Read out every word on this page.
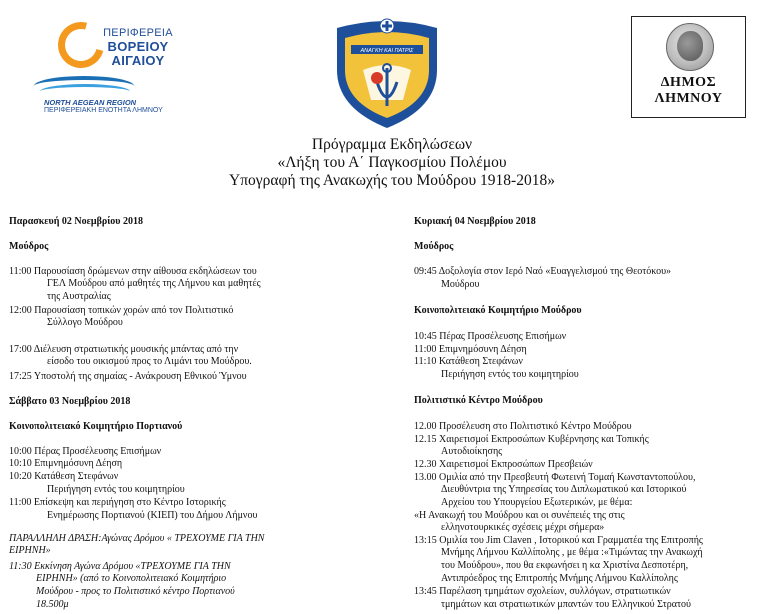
ΠΕΡΙΦΕΡΕΙΑ
ΒΟΡΕΙΟΥ
ΑΙΓΑΙΟΥ
NORTH AEGEAN REGION
ΠΕΡΙΦΕΡΕΙΑΚΗ ΕΝΟΤΗΤΑ ΛΗΜΝΟΥ
ΑΝΑΓΚΗ ΚΑΙ ΠΑΤΡΙΣ
ΔΗΜΟΣ
ΛΗΜΝΟΥ
Πρόγραμμα Εκδηλώσεων
«Λήξη του Α΄ Παγκοσμίου Πολέμου
Υπογραφή της Ανακωχής του Μούδρου 1918-2018»

Παρασκευή 02 Νοεμβρίου 2018

Μούδρος

11:00 Παρουσίαση δρώμενων στην αίθουσα εκδηλώσεων του

ΓΕΛ Μούδρου από μαθητές της Λήμνου και μαθητές

της Αυστραλίας

12:00 Παρουσίαση τοπικών χορών από τον Πολιτιστικό

Σύλλογο Μούδρου

17:00 Διέλευση στρατιωτικής μουσικής μπάντας από την

είσοδο του οικισμού προς το Λιμάνι του Μούδρου.

17:25 Υποστολή της σημαίας - Ανάκρουση Εθνικού Ύμνου

Σάββατο 03 Νοεμβρίου 2018

Κοινοπολιτειακό Κοιμητήριο Πορτιανού

10:00 Πέρας Προσέλευσης Επισήμων

10:10 Επιμνημόσυνη Δέηση

10:20 Κατάθεση Στεφάνων

Περιήγηση εντός του κοιμητηρίου

11:00 Επίσκεψη και περιήγηση στο Κέντρο Ιστορικής

Ενημέρωσης Πορτιανού (ΚΙΕΠ) του Δήμου Λήμνου

ΠΑΡΑΛΛΗΛΗ ΔΡΑΣΗ:Αγώνας Δρόμου « ΤΡΕΧΟΥΜΕ ΓΙΑ ΤΗΝ

ΕΙΡΗΝΗ»

11:30 Εκκίνηση Αγώνα Δρόμου «ΤΡΕΧΟΥΜΕ ΓΙΑ ΤΗΝ

ΕΙΡΗΝΗ» (από το Κοινοπολιτειακό Κοιμητήριο

Μούδρου - προς το Πολιτιστικό κέντρο Πορτιανού

18.500μ

Κυριακή 04 Νοεμβρίου 2018

Μούδρος

09:45 Δοξολογία στον Ιερό Ναό «Ευαγγελισμού της Θεοτόκου»

Μούδρου

Κοινοπολιτειακό Κοιμητήριο Μούδρου

10:45 Πέρας Προσέλευσης Επισήμων

11:00 Επιμνημόσυνη Δέηση

11:10 Κατάθεση Στεφάνων

Περιήγηση εντός του κοιμητηρίου

Πολιτιστικό Κέντρο Μούδρου

12.00 Προσέλευση στο Πολιτιστικό Κέντρο Μούδρου

12.15 Χαιρετισμοί Εκπροσώπων Κυβέρνησης και Τοπικής

Αυτοδιοίκησης

12.30 Χαιρετισμοί Εκπροσώπων Πρεσβειών

13.00 Ομιλία από την Πρεσβευτή Φωτεινή Τομαή Κωνσταντοπούλου,

Διευθύντρια της Υπηρεσίας του Διπλωματικού και Ιστορικού

Αρχείου του Υπουργείου Εξωτερικών, με θέμα:

«Η Ανακωχή του Μούδρου και οι συνέπειές της στις

ελληνοτουρκικές σχέσεις μέχρι σήμερα»

13:15 Ομιλία του Jim Claven , Ιστορικού και Γραμματέα της Επιτροπής

Μνήμης Λήμνου Καλλίπολης , με θέμα :«Τιμώντας την Ανακωχή

του Μούδρου», που θα εκφωνήσει η κα Χριστίνα Δεσποτέρη,

Αντιπρόεδρος της Επιτροπής Μνήμης Λήμνου Καλλίπολης

13:45 Παρέλαση τμημάτων σχολείων, συλλόγων, στρατιωτικών

τμημάτων και στρατιωτικών μπαντών του Ελληνικού Στρατού
